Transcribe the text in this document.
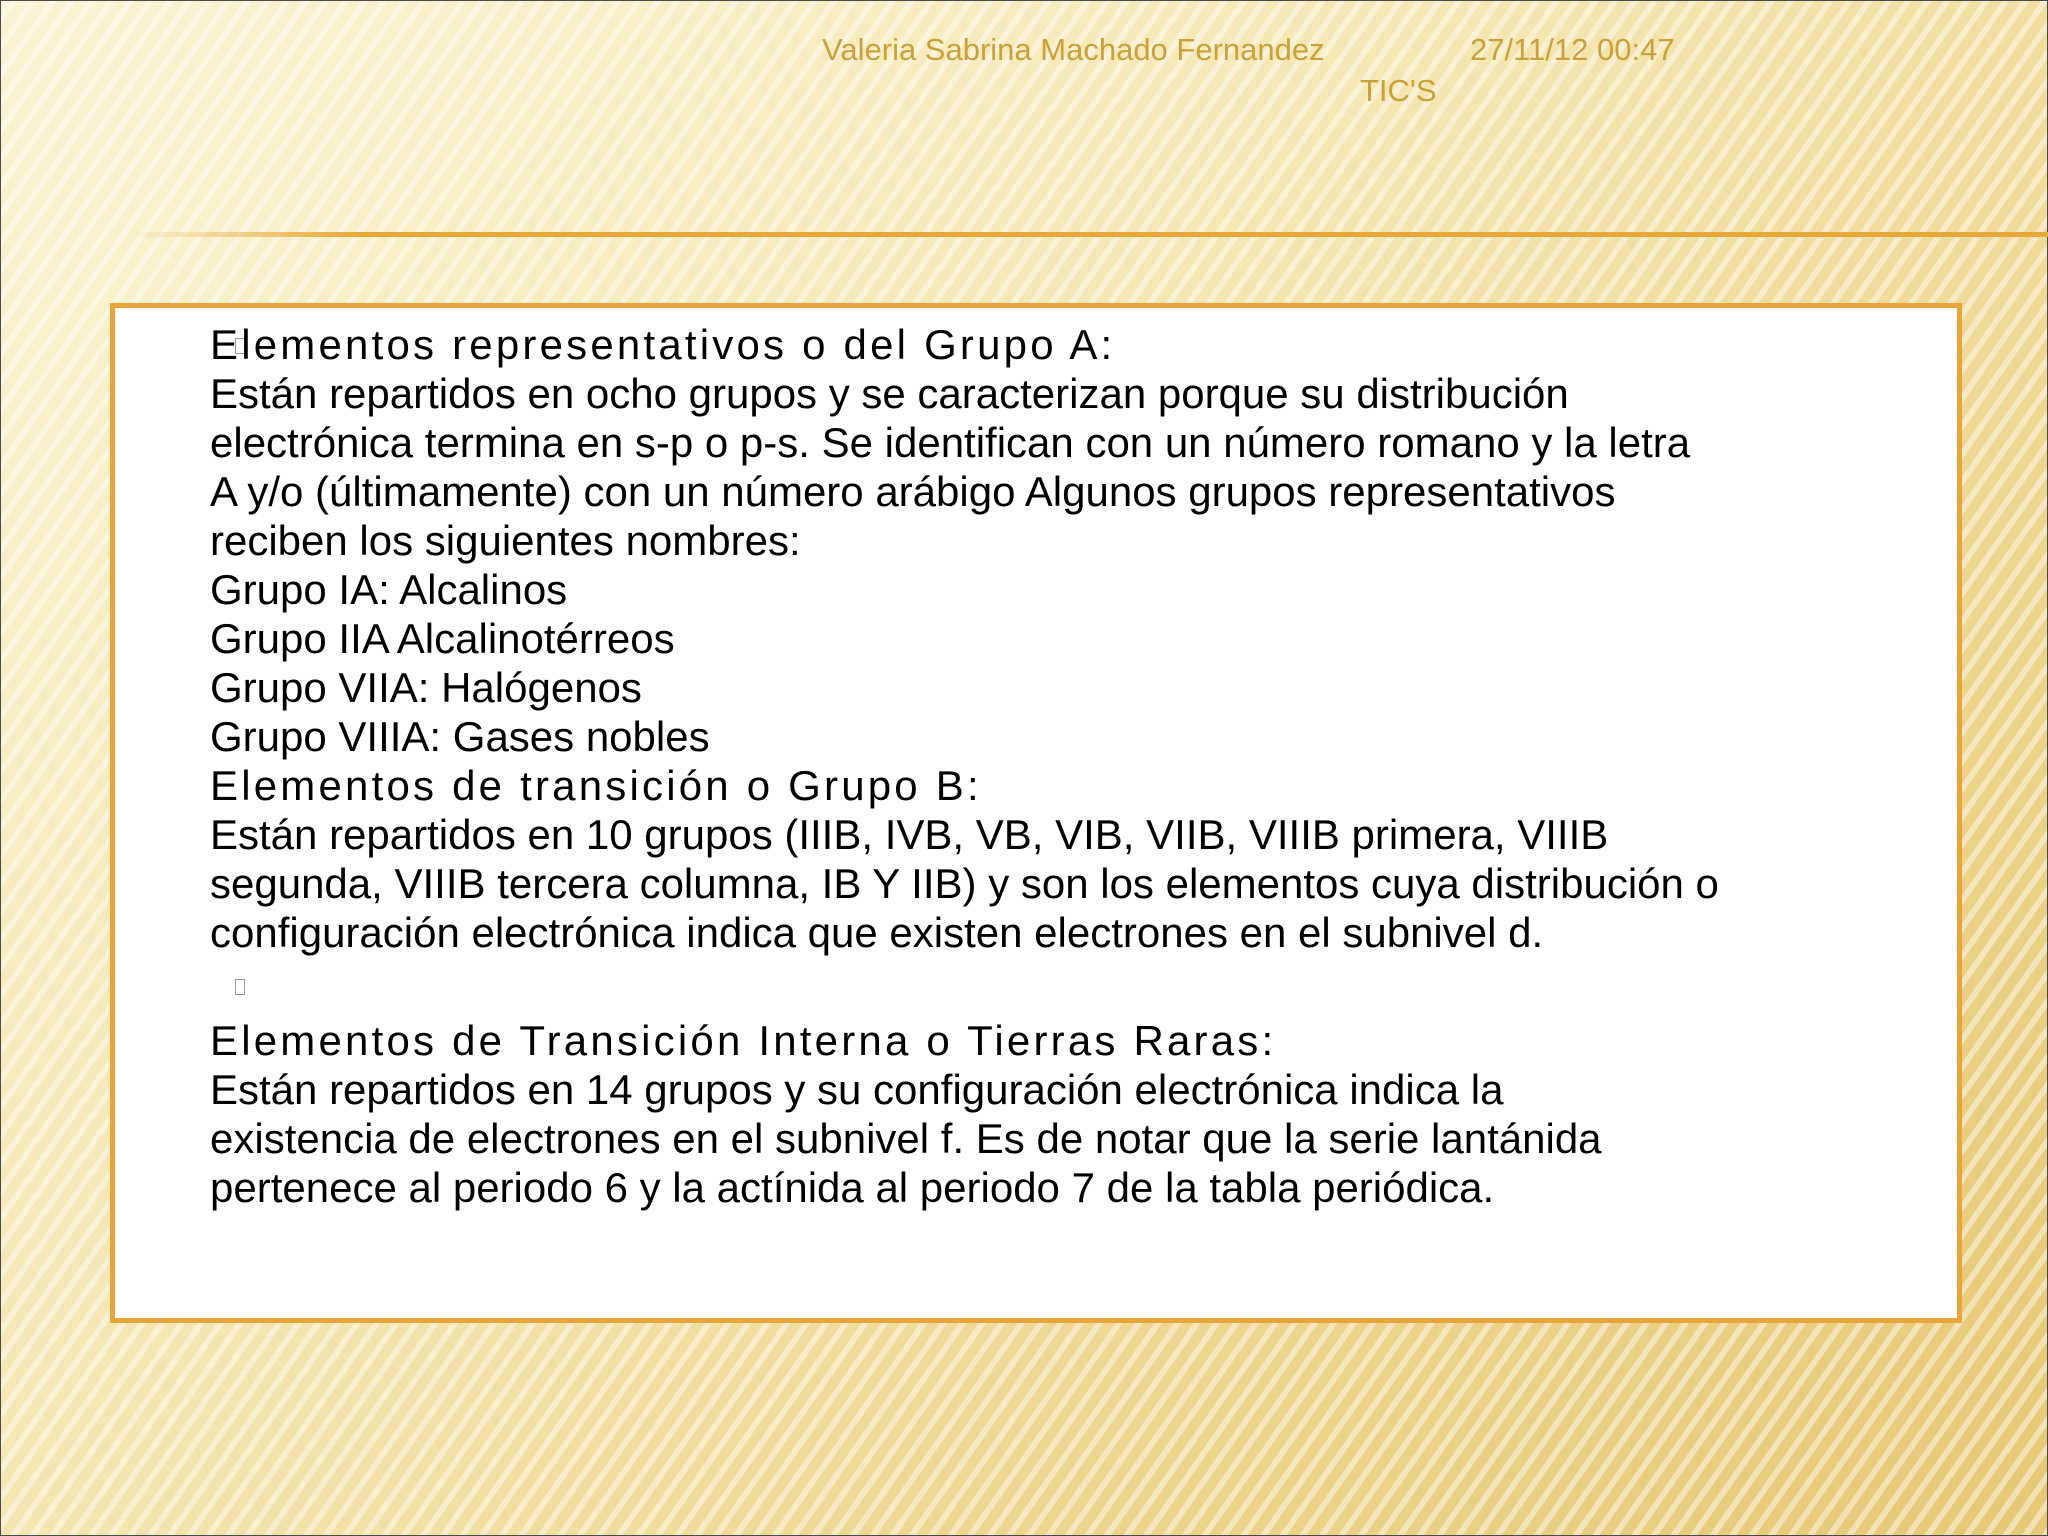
Valeria Sabrina Machado Fernandez	27/11/12 00:47
TIC'S

Elementos representativos o del Grupo A:

Están repartidos en ocho grupos y se caracterizan porque su distribución

electrónica termina en s-p o p-s. Se identifican con un número romano y la letra

A y/o (últimamente) con un número arábigo Algunos grupos representativos

reciben los siguientes nombres:

Grupo IA: Alcalinos

Grupo IIA Alcalinotérreos

Grupo VIIA: Halógenos

Grupo VIIIA: Gases nobles

Elementos de transición o Grupo B:

Están repartidos en 10 grupos (IIIB, IVB, VB, VIB, VIIB, VIIIB primera, VIIIB

segunda, VIIIB tercera columna, IB Y IIB) y son los elementos cuya distribución o

configuración electrónica indica que existen electrones en el subnivel d.

Elementos de Transición Interna o Tierras Raras:

Están repartidos en 14 grupos y su configuración electrónica indica la

existencia de electrones en el subnivel f. Es de notar que la serie lantánida

pertenece al periodo 6 y la actínida al periodo 7 de la tabla periódica.
